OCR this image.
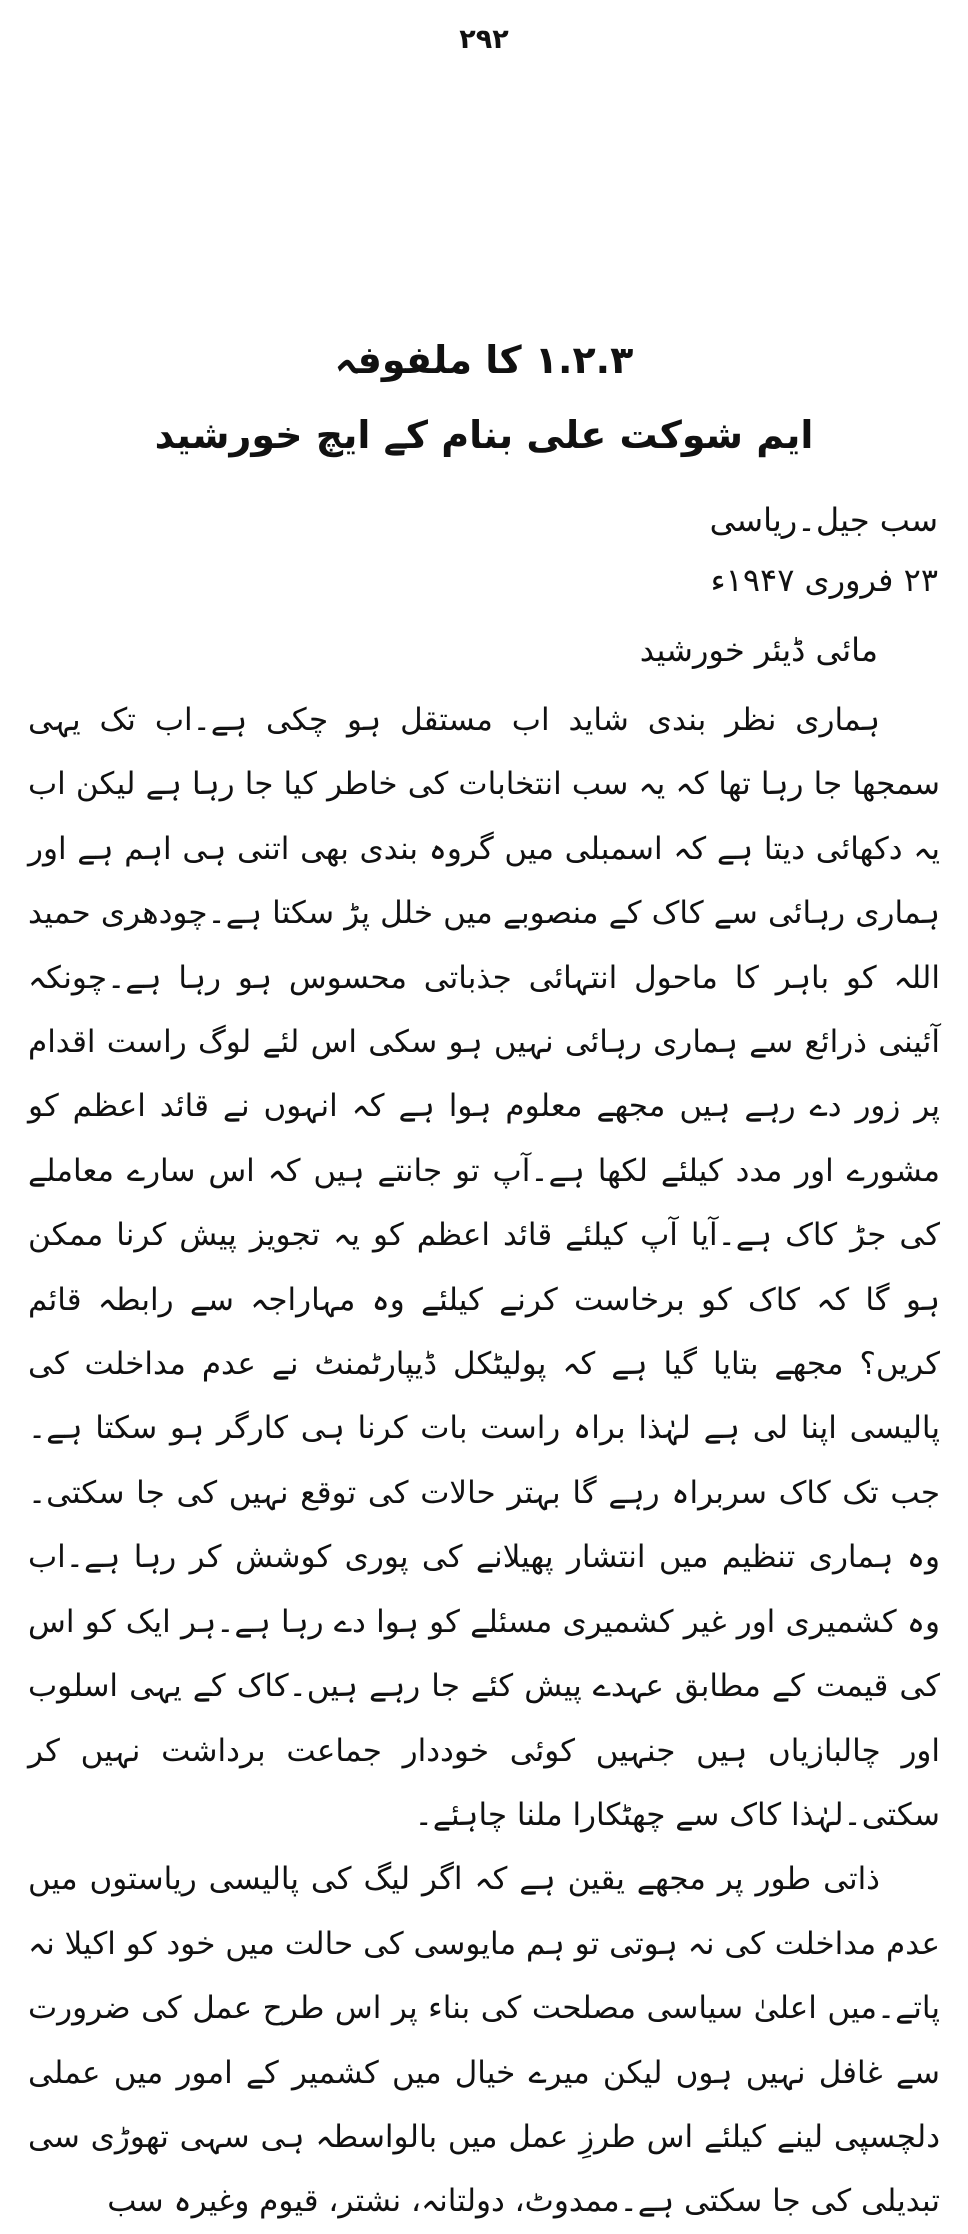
۲۹۲
۱.۲.۳ کا ملفوفہ
ایم شوکت علی بنام کے ایچ خورشید
سب جیل۔ریاسی
۲۳ فروری ۱۹۴۷ء
مائی ڈیئر خورشید

ہماری نظر بندی شاید اب مستقل ہو چکی ہے۔اب تک یہی سمجھا جا رہا تھا کہ یہ سب انتخابات کی خاطر کیا جا رہا ہے لیکن اب یہ دکھائی دیتا ہے کہ اسمبلی میں گروہ بندی بھی اتنی ہی اہم ہے اور ہماری رہائی سے کاک کے منصوبے میں خلل پڑ سکتا ہے۔چودھری حمید اللہ کو باہر کا ماحول انتہائی جذباتی محسوس ہو رہا ہے۔چونکہ آئینی ذرائع سے ہماری رہائی نہیں ہو سکی اس لئے لوگ راست اقدام پر زور دے رہے ہیں مجھے معلوم ہوا ہے کہ انہوں نے قائد اعظم کو مشورے اور مدد کیلئے لکھا ہے۔آپ تو جانتے ہیں کہ اس سارے معاملے کی جڑ کاک ہے۔آیا آپ کیلئے قائد اعظم کو یہ تجویز پیش کرنا ممکن ہو گا کہ کاک کو برخاست کرنے کیلئے وہ مہاراجہ سے رابطہ قائم کریں؟ مجھے بتایا گیا ہے کہ پولیٹکل ڈیپارٹمنٹ نے عدم مداخلت کی پالیسی اپنا لی ہے لہٰذا براہ راست بات کرنا ہی کارگر ہو سکتا ہے۔جب تک کاک سربراہ رہے گا بہتر حالات کی توقع نہیں کی جا سکتی۔وہ ہماری تنظیم میں انتشار پھیلانے کی پوری کوشش کر رہا ہے۔اب وہ کشمیری اور غیر کشمیری مسئلے کو ہوا دے رہا ہے۔ہر ایک کو اس کی قیمت کے مطابق عہدے پیش کئے جا رہے ہیں۔کاک کے یہی اسلوب اور چالبازیاں ہیں جنہیں کوئی خوددار جماعت برداشت نہیں کر سکتی۔لہٰذا کاک سے چھٹکارا ملنا چاہئے۔

ذاتی طور پر مجھے یقین ہے کہ اگر لیگ کی پالیسی ریاستوں میں عدم مداخلت کی نہ ہوتی تو ہم مایوسی کی حالت میں خود کو اکیلا نہ پاتے۔میں اعلیٰ سیاسی مصلحت کی بناء پر اس طرح عمل کی ضرورت سے غافل نہیں ہوں لیکن میرے خیال میں کشمیر کے امور میں عملی دلچسپی لینے کیلئے اس طرزِ عمل میں بالواسطہ ہی سہی تھوڑی سی تبدیلی کی جا سکتی ہے۔ممدوٹ، دولتانہ، نشتر، قیوم وغیرہ سب
